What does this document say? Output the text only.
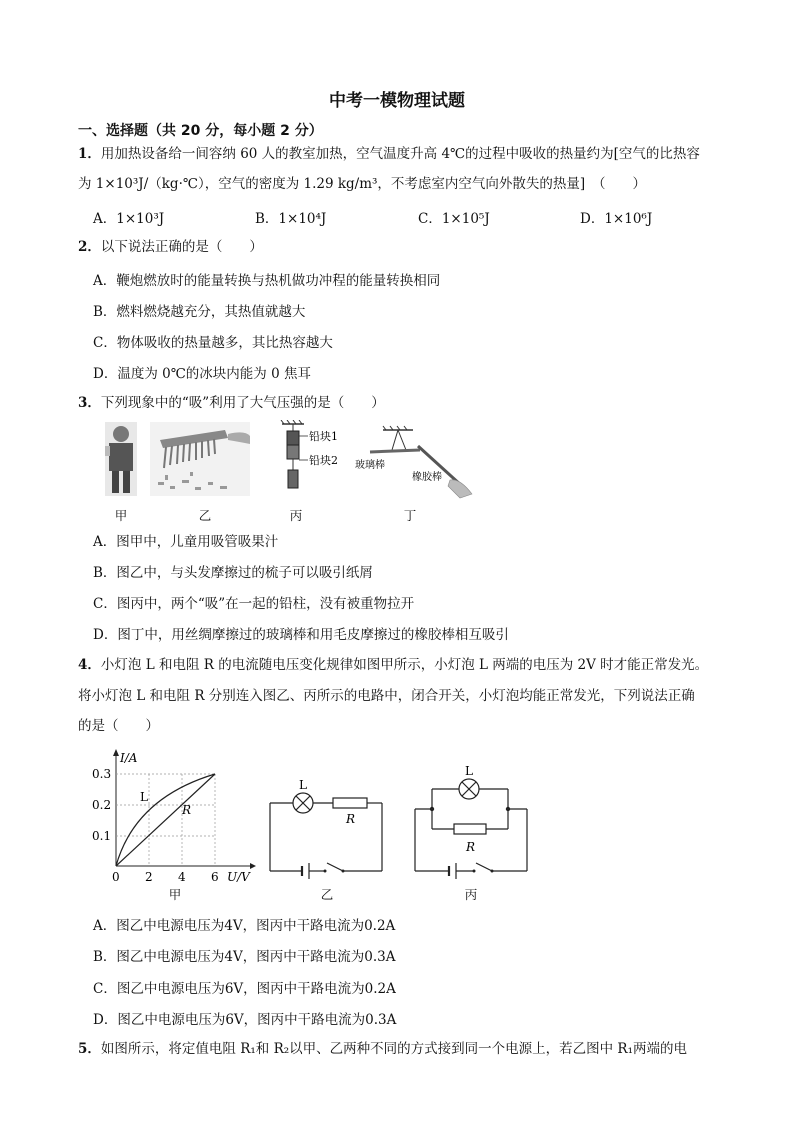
中考一模物理试题
一、选择题（共 20 分，每小题 2 分）
1．用加热设备给一间容纳 60 人的教室加热，空气温度升高 4℃的过程中吸收的热量约为[空气的比热容
为 1×10³J/（kg·℃），空气的密度为 1.29 kg/m³，不考虑室内空气向外散失的热量]　（　　）
A．1×10³J	B．1×10⁴J	C．1×10⁵J	D．1×10⁶J
2．以下说法正确的是（　　）
A．鞭炮燃放时的能量转换与热机做功冲程的能量转换相同
B．燃料燃烧越充分，其热值就越大
C．物体吸收的热量越多，其比热容越大
D．温度为 0℃的冰块内能为 0 焦耳
3．下列现象中的“吸”利用了大气压强的是（　　）
铅块1
铅块2 玻璃棒
橡胶棒
甲	乙	丙	丁
A．图甲中，儿童用吸管吸果汁
B．图乙中，与头发摩擦过的梳子可以吸引纸屑
C．图丙中，两个“吸”在一起的铅柱，没有被重物拉开
D．图丁中，用丝绸摩擦过的玻璃棒和用毛皮摩擦过的橡胶棒相互吸引
4．小灯泡 L 和电阻 R 的电流随电压变化规律如图甲所示，小灯泡 L 两端的电压为 2V 时才能正常发光。
将小灯泡 L 和电阻 R 分别连入图乙、丙所示的电路中，闭合开关，小灯泡均能正常发光，下列说法正确
的是（　　）
I/A
0.3
0.2
0.1
0 2 4 6 U/V
L
R
L
R
L
R
甲	乙	丙
A．图乙中电源电压为4V，图丙中干路电流为0.2A
B．图乙中电源电压为4V，图丙中干路电流为0.3A
C．图乙中电源电压为6V，图丙中干路电流为0.2A
D．图乙中电源电压为6V，图丙中干路电流为0.3A
5．如图所示，将定值电阻 R₁和 R₂以甲、乙两种不同的方式接到同一个电源上，若乙图中 R₁两端的电
